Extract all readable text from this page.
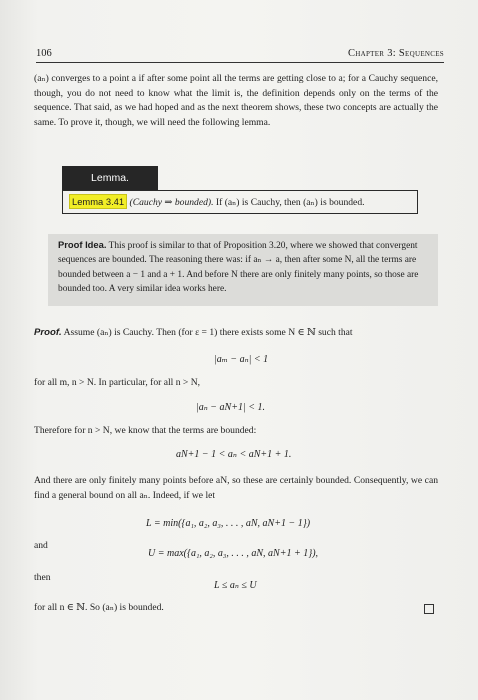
106	Chapter 3: Sequences

(aₙ) converges to a point a if after some point all the terms are getting close to a; for a Cauchy sequence, though, you do not need to know what the limit is, the definition depends only on the terms of the sequence. That said, as we had hoped and as the next theorem shows, these two concepts are actually the same. To prove it, though, we will need the following lemma.

Lemma.
Lemma 3.41 (Cauchy ⇒ bounded). If (aₙ) is Cauchy, then (aₙ) is bounded.

Proof Idea. This proof is similar to that of Proposition 3.20, where we showed that convergent sequences are bounded. The reasoning there was: if aₙ → a, then after some N, all the terms are bounded between a − 1 and a + 1. And before N there are only finitely many points, so those are bounded too. A very similar idea works here.

Proof. Assume (aₙ) is Cauchy. Then (for ε = 1) there exists some N ∈ ℕ such that

|aₘ − aₙ| < 1

for all m, n > N. In particular, for all n > N,

|aₙ − aN+1| < 1.

Therefore for n > N, we know that the terms are bounded:

aN+1 − 1 < aₙ < aN+1 + 1.

And there are only finitely many points before aN, so these are certainly bounded. Consequently, we can find a general bound on all aₙ. Indeed, if we let

L = min({a₁, a₂, a₃, . . . , aN, aN+1 − 1})
and
U = max({a₁, a₂, a₃, . . . , aN, aN+1 + 1}),
then
L ≤ aₙ ≤ U

for all n ∈ ℕ. So (aₙ) is bounded.
